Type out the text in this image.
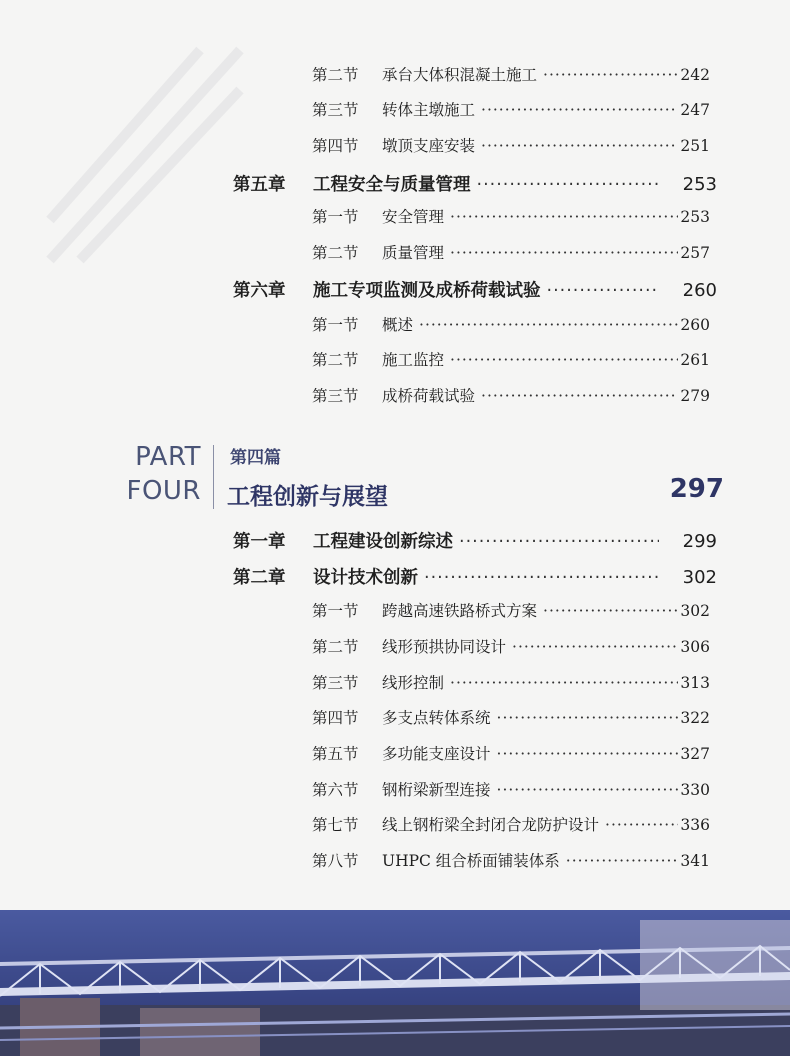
第二节	承台大体积混凝土施工 ·····	242
第三节	转体主墩施工 ·····	247
第四节	墩顶支座安装 ·····	251
第五章	工程安全与质量管理 ·····	253
第一节	安全管理 ·····	253
第二节	质量管理 ·····	257
第六章	施工专项监测及成桥荷载试验 ·····	260
第一节	概述 ·····	260
第二节	施工监控 ·····	261
第三节	成桥荷载试验 ·····	279
PART
FOUR
第四篇
工程创新与展望	297
第一章	工程建设创新综述 ·····	299
第二章	设计技术创新 ·····	302
第一节	跨越高速铁路桥式方案 ·····	302
第二节	线形预拱协同设计 ·····	306
第三节	线形控制 ·····	313
第四节	多支点转体系统 ·····	322
第五节	多功能支座设计 ·····	327
第六节	钢桁梁新型连接 ·····	330
第七节	线上钢桁梁全封闭合龙防护设计 ·····	336
第八节	UHPC 组合桥面铺装体系 ·····	341
